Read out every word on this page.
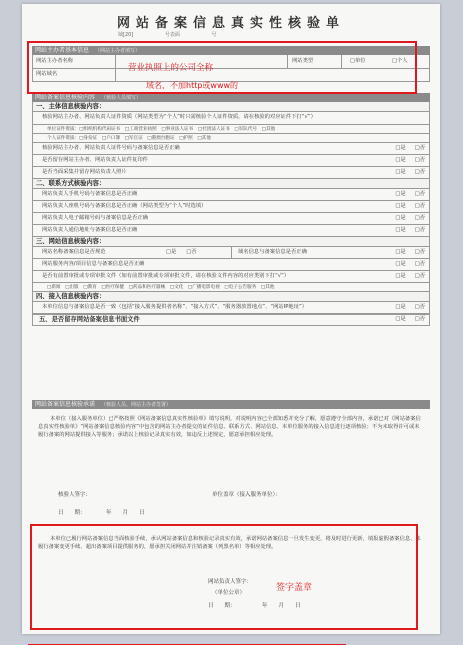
网站备案信息真实性核验单
域[20]	号表面	号
网站主办者基本信息 （网站主办者填写）
网站主办者名称	网站类型	□单位	□个人
网站域名
网站备案信息核验内容 （核验人员填写）
一、主体信息核验内容：
核验网站主办者、网站负责人证件资质（网站类型为“个人”时只需核验个人证件资质，请在核验的对应证件下打“√”）
单位证件资质：□组织机构代码证书　□工商营业执照　□事业法人证书　□社团法人证书　□军队代号　□其他
个人证件资质：□身份证　□户口簿　□军官证　□港澳台胞证　□护照　□其他
核验网站主办者、网站负责人证件号码与备案信息是否正确	□是 □否
是否留存网站主办者、网站负责人证件复印件	□是 □否
是否当面采集并留存网站负责人照片	□是 □否
二、联系方式核验内容：
网站负责人手机号码与备案信息是否正确	□是 □否
网站负责人座机号码与备案信息是否正确（网站类型为“个人”时选填）	□是 □否
网站负责人电子邮箱号码与备案信息是否正确	□是 □否
网站负责人通信地址与备案信息是否正确	□是 □否
三、网站信息核验内容：
网站名称备案信息是否规范	□是 □否	域名信息与备案信息是否正确	□是 □否
网站服务内容/项目信息与备案信息是否正确	□是 □否
是否有前置审批或专项审批文件（如有前置审批或专项审批文件，请在核验文件内容的对应类别下打“√”）	□是 □否
□新闻　□出版　□教育　□医疗保健　□药品和医疗器械　□文化　□广播电影电视　□电子公告服务　□其他
四、接入信息核验内容：
本单位信息与备案信息是否一致（包括“接入服务提供者名称”、“接入方式”、“服务器放置地点”、“网站IP地址”）	□是 □否
五、是否留存网站备案信息书面文件	□是 □否
网站备案信息核验承诺 （核验人员、网站主办者签署）
本单位（接入服务单位）已严格按照《网站备案信息真实性核验单》填写说明，对说明内容已全部知悉并充分了解，愿意遵守全部内容，承诺已对《网站备案信息真实性核验单》“网站备案信息核验内容”中包含的网站主办者提交的证件信息、联系方式、网站信息、本单位服务的接入信息进行逐项核验；不为未取得许可或未履行备案的网站提供接入等服务；承诺以上核验记录真实有效，如违反上述规定，愿意承担相应处理。
核验人签字：	单位盖章（接入服务单位）：
日　　期：	年　　月　　日
本单位已履行网站备案信息当面核验手续，承认网站备案信息和核验记录真实有效，承诺网站备案信息一旦发生变更，将及时进行更新，填报虚假备案信息、未履行备案变更手续、超出备案项目提供服务的，愿承担关闭网站并注销备案（列黑名单）等相应处理。
网站负责人签字：
（单位公章）
日　　期：	年　　月　　日
营业执照上的公司全称
域名，不加http或www的
签字盖章
